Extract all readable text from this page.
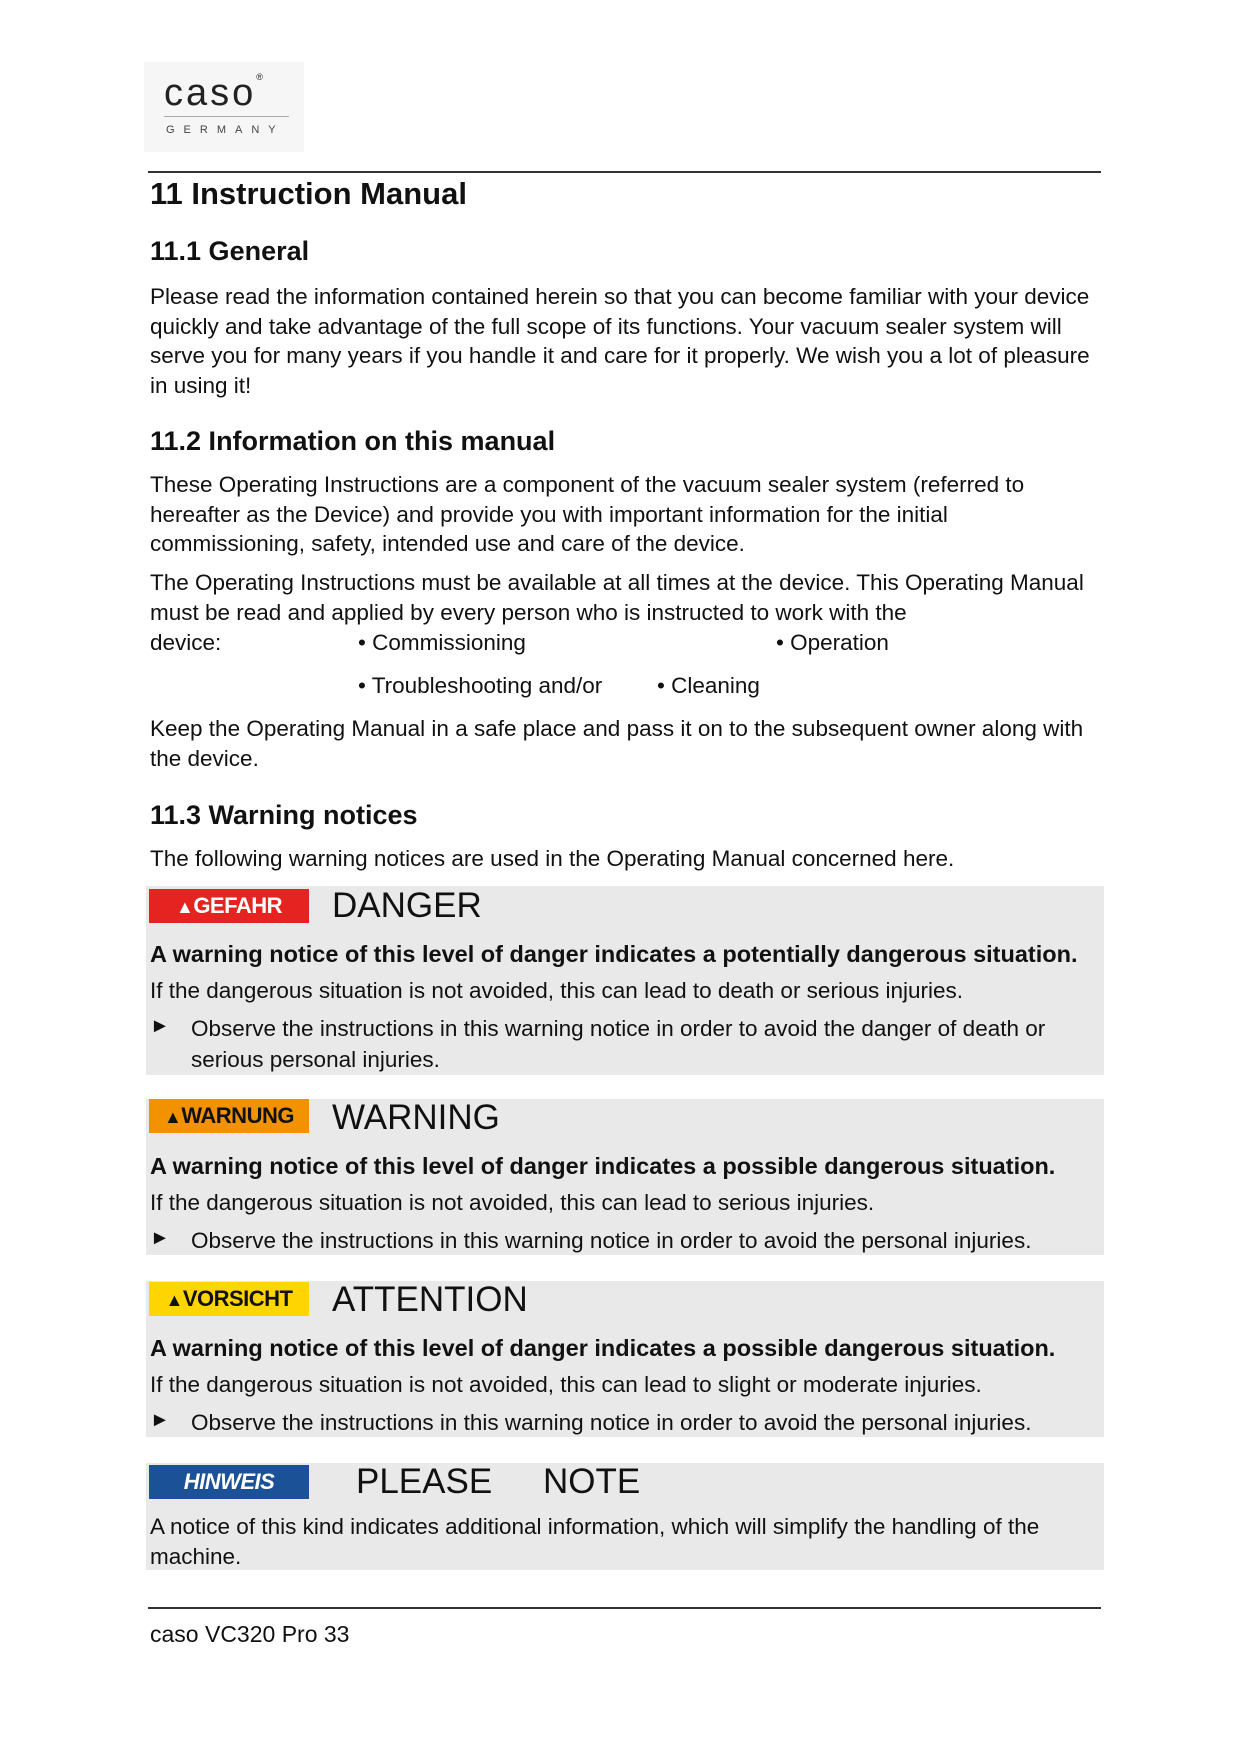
caso®
GERMANY
11 Instruction Manual
11.1 General
Please read the information contained herein so that you can become familiar with your device quickly and take advantage of the full scope of its functions. Your vacuum sealer system will serve you for many years if you handle it and care for it properly. We wish you a lot of pleasure in using it!
11.2 Information on this manual
These Operating Instructions are a component of the vacuum sealer system (referred to hereafter as the Device) and provide you with important information for the initial commissioning, safety, intended use and care of the device.
The Operating Instructions must be available at all times at the device. This Operating Manual must be read and applied by every person who is instructed to work with the
device:	• Commissioning	• Operation
• Troubleshooting and/or • Cleaning
Keep the Operating Manual in a safe place and pass it on to the subsequent owner along with the device.
11.3 Warning notices
The following warning notices are used in the Operating Manual concerned here.
▲GEFAHR	DANGER
A warning notice of this level of danger indicates a potentially dangerous situation.
If the dangerous situation is not avoided, this can lead to death or serious injuries.
► Observe the instructions in this warning notice in order to avoid the danger of death or serious personal injuries.
▲WARNUNG	WARNING
A warning notice of this level of danger indicates a possible dangerous situation.
If the dangerous situation is not avoided, this can lead to serious injuries.
► Observe the instructions in this warning notice in order to avoid the personal injuries.
▲VORSICHT	ATTENTION
A warning notice of this level of danger indicates a possible dangerous situation.
If the dangerous situation is not avoided, this can lead to slight or moderate injuries.
► Observe the instructions in this warning notice in order to avoid the personal injuries.
HINWEIS	PLEASE NOTE
A notice of this kind indicates additional information, which will simplify the handling of the machine.
caso VC320 Pro 33
